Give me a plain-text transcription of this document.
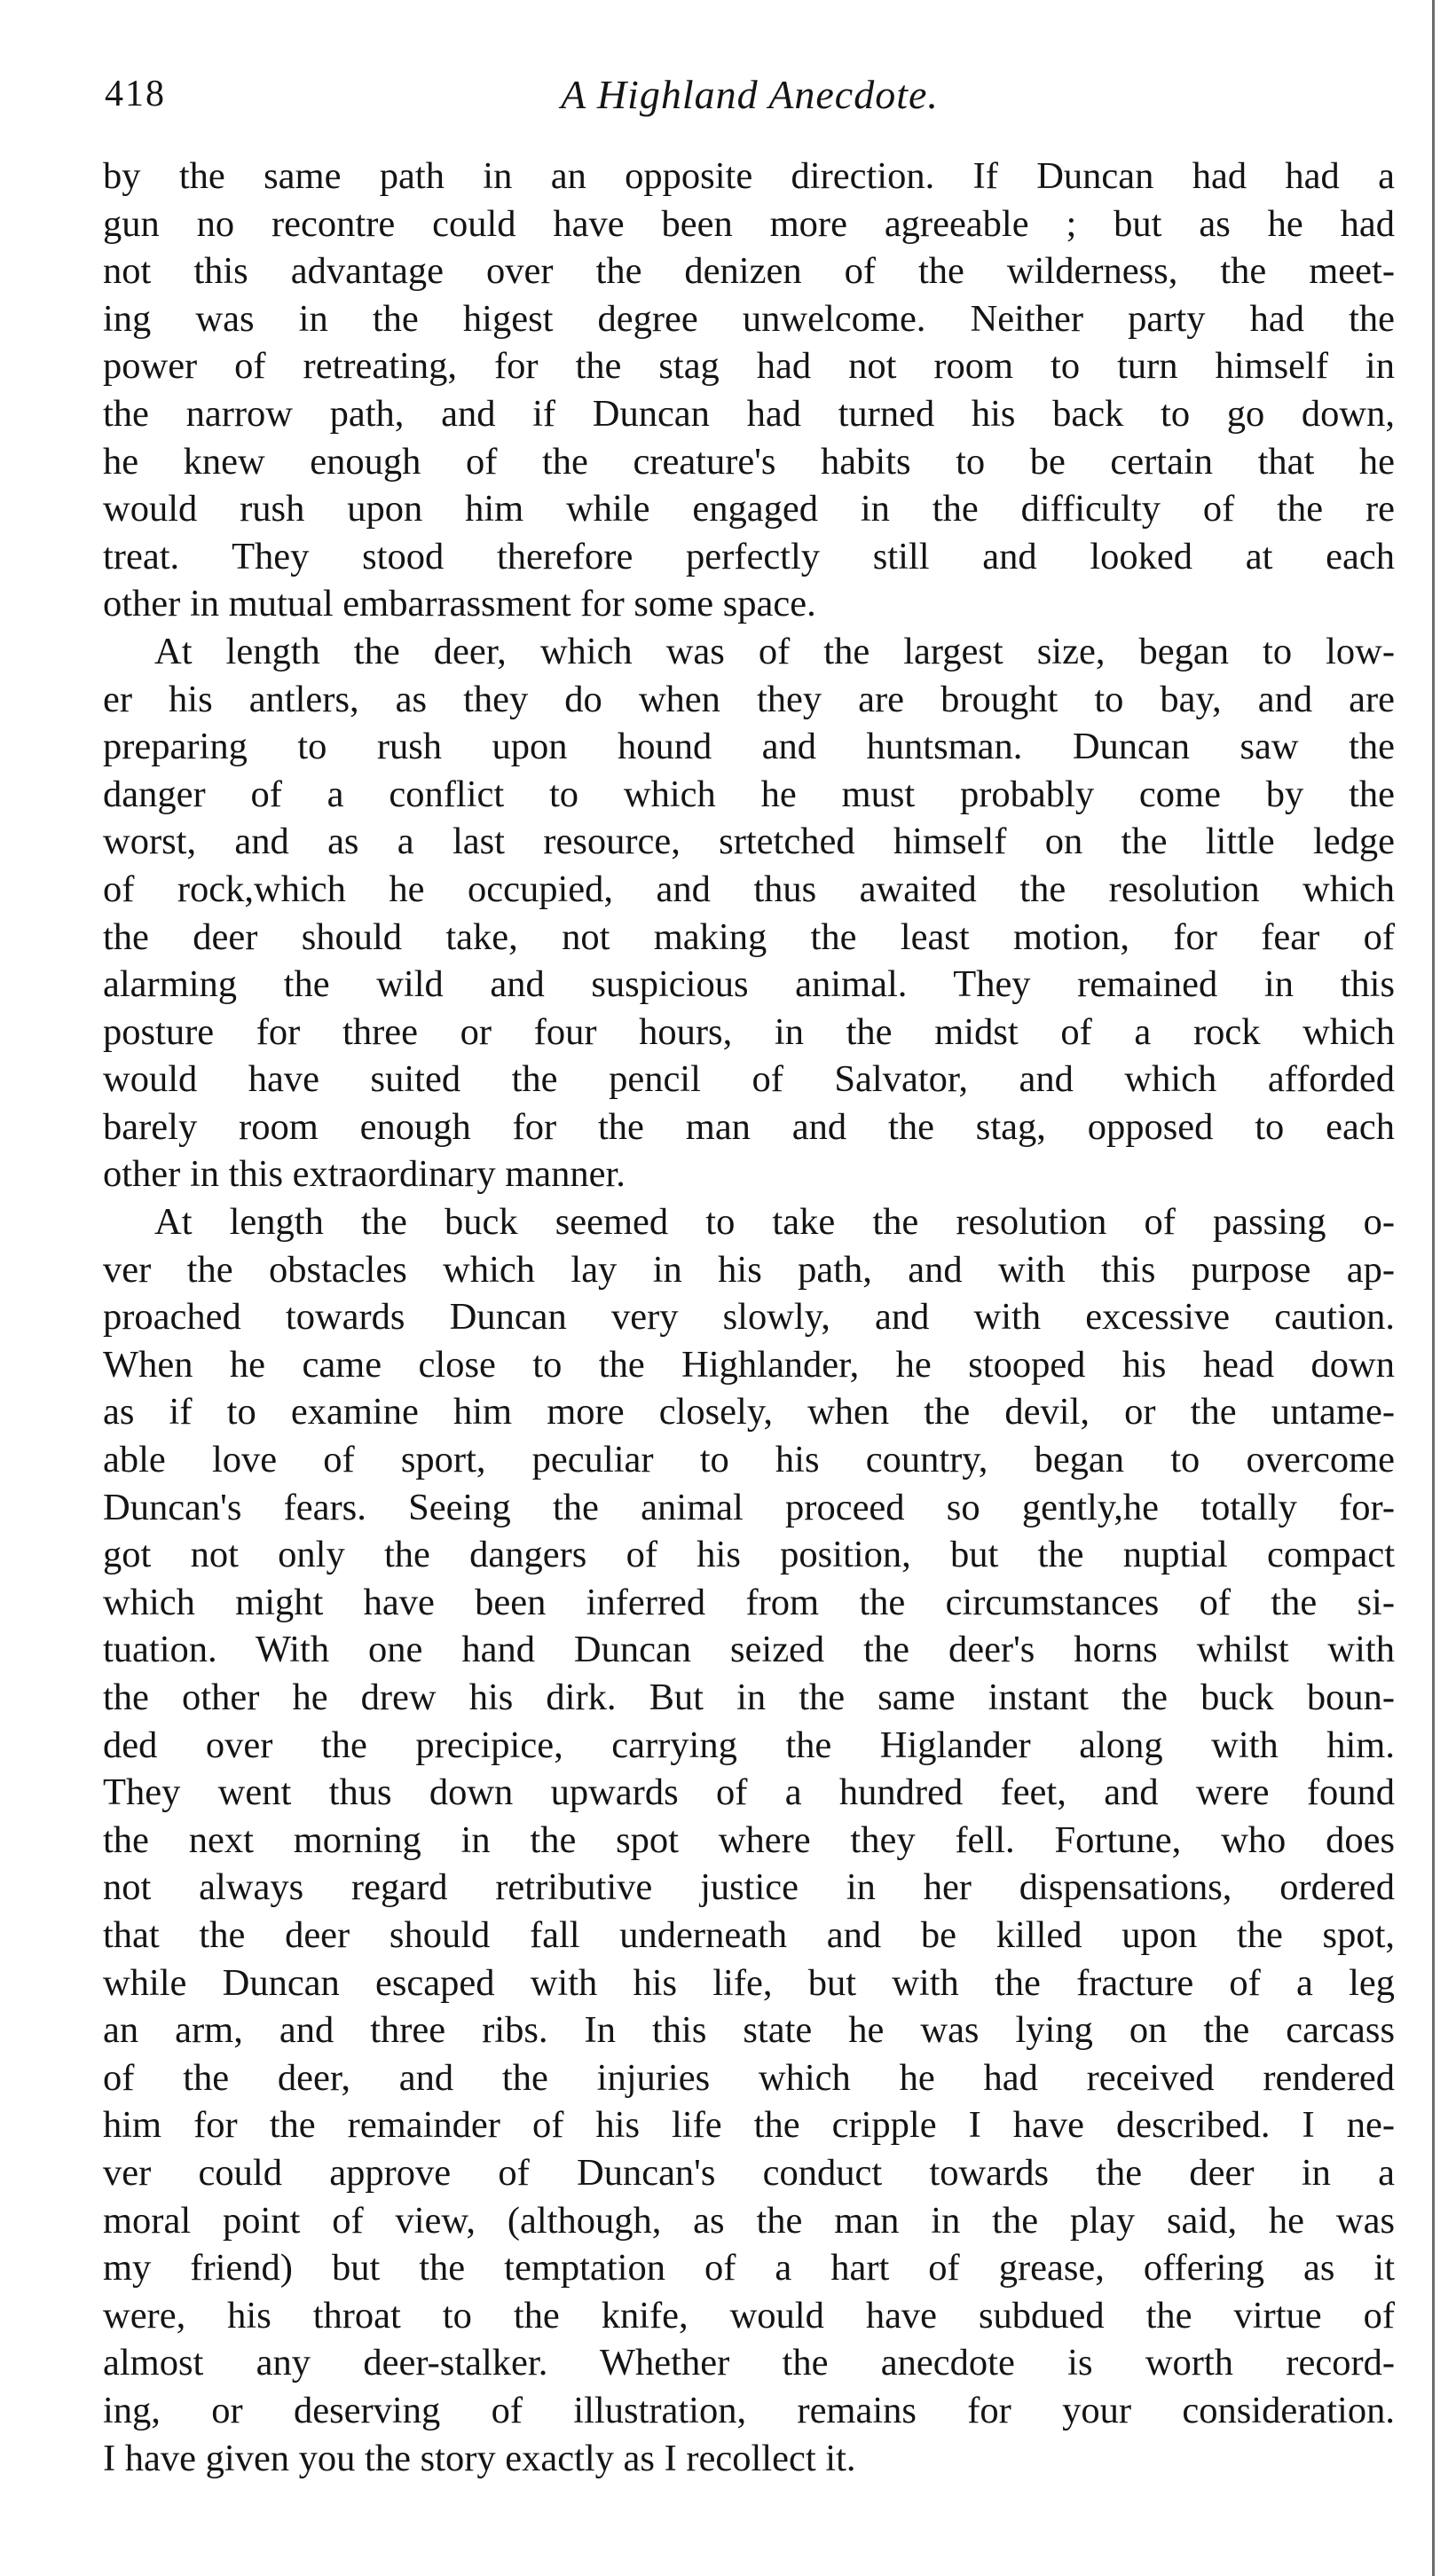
418	A Highland Anecdote.
by the same path in an opposite direction. If Duncan had had a
gun no recontre could have been more agreeable ; but as he had
not this advantage over the denizen of the wilderness, the meet-
ing was in the higest degree unwelcome. Neither party had the
power of retreating, for the stag had not room to turn himself in
the narrow path, and if Duncan had turned his back to go down,
he knew enough of the creature's habits to be certain that he
would rush upon him while engaged in the difficulty of the re
treat. They stood therefore perfectly still and looked at each
other in mutual embarrassment for some space.
At length the deer, which was of the largest size, began to low-
er his antlers, as they do when they are brought to bay, and are
preparing to rush upon hound and huntsman. Duncan saw the
danger of a conflict to which he must probably come by the
worst, and as a last resource, srtetched himself on the little ledge
of rock,which he occupied, and thus awaited the resolution which
the deer should take, not making the least motion, for fear of
alarming the wild and suspicious animal. They remained in this
posture for three or four hours, in the midst of a rock which
would have suited the pencil of Salvator, and which afforded
barely room enough for the man and the stag, opposed to each
other in this extraordinary manner.
At length the buck seemed to take the resolution of passing o-
ver the obstacles which lay in his path, and with this purpose ap-
proached towards Duncan very slowly, and with excessive caution.
When he came close to the Highlander, he stooped his head down
as if to examine him more closely, when the devil, or the untame-
able love of sport, peculiar to his country, began to overcome
Duncan's fears. Seeing the animal proceed so gently,he totally for-
got not only the dangers of his position, but the nuptial compact
which might have been inferred from the circumstances of the si-
tuation. With one hand Duncan seized the deer's horns whilst with
the other he drew his dirk. But in the same instant the buck boun-
ded over the precipice, carrying the Higlander along with him.
They went thus down upwards of a hundred feet, and were found
the next morning in the spot where they fell. Fortune, who does
not always regard retributive justice in her dispensations, ordered
that the deer should fall underneath and be killed upon the spot,
while Duncan escaped with his life, but with the fracture of a leg
an arm, and three ribs. In this state he was lying on the carcass
of the deer, and the injuries which he had received rendered
him for the remainder of his life the cripple I have described. I ne-
ver could approve of Duncan's conduct towards the deer in a
moral point of view, (although, as the man in the play said, he was
my friend) but the temptation of a hart of grease, offering as it
were, his throat to the knife, would have subdued the virtue of
almost any deer-stalker. Whether the anecdote is worth record-
ing, or deserving of illustration, remains for your consideration.
I have given you the story exactly as I recollect it.
